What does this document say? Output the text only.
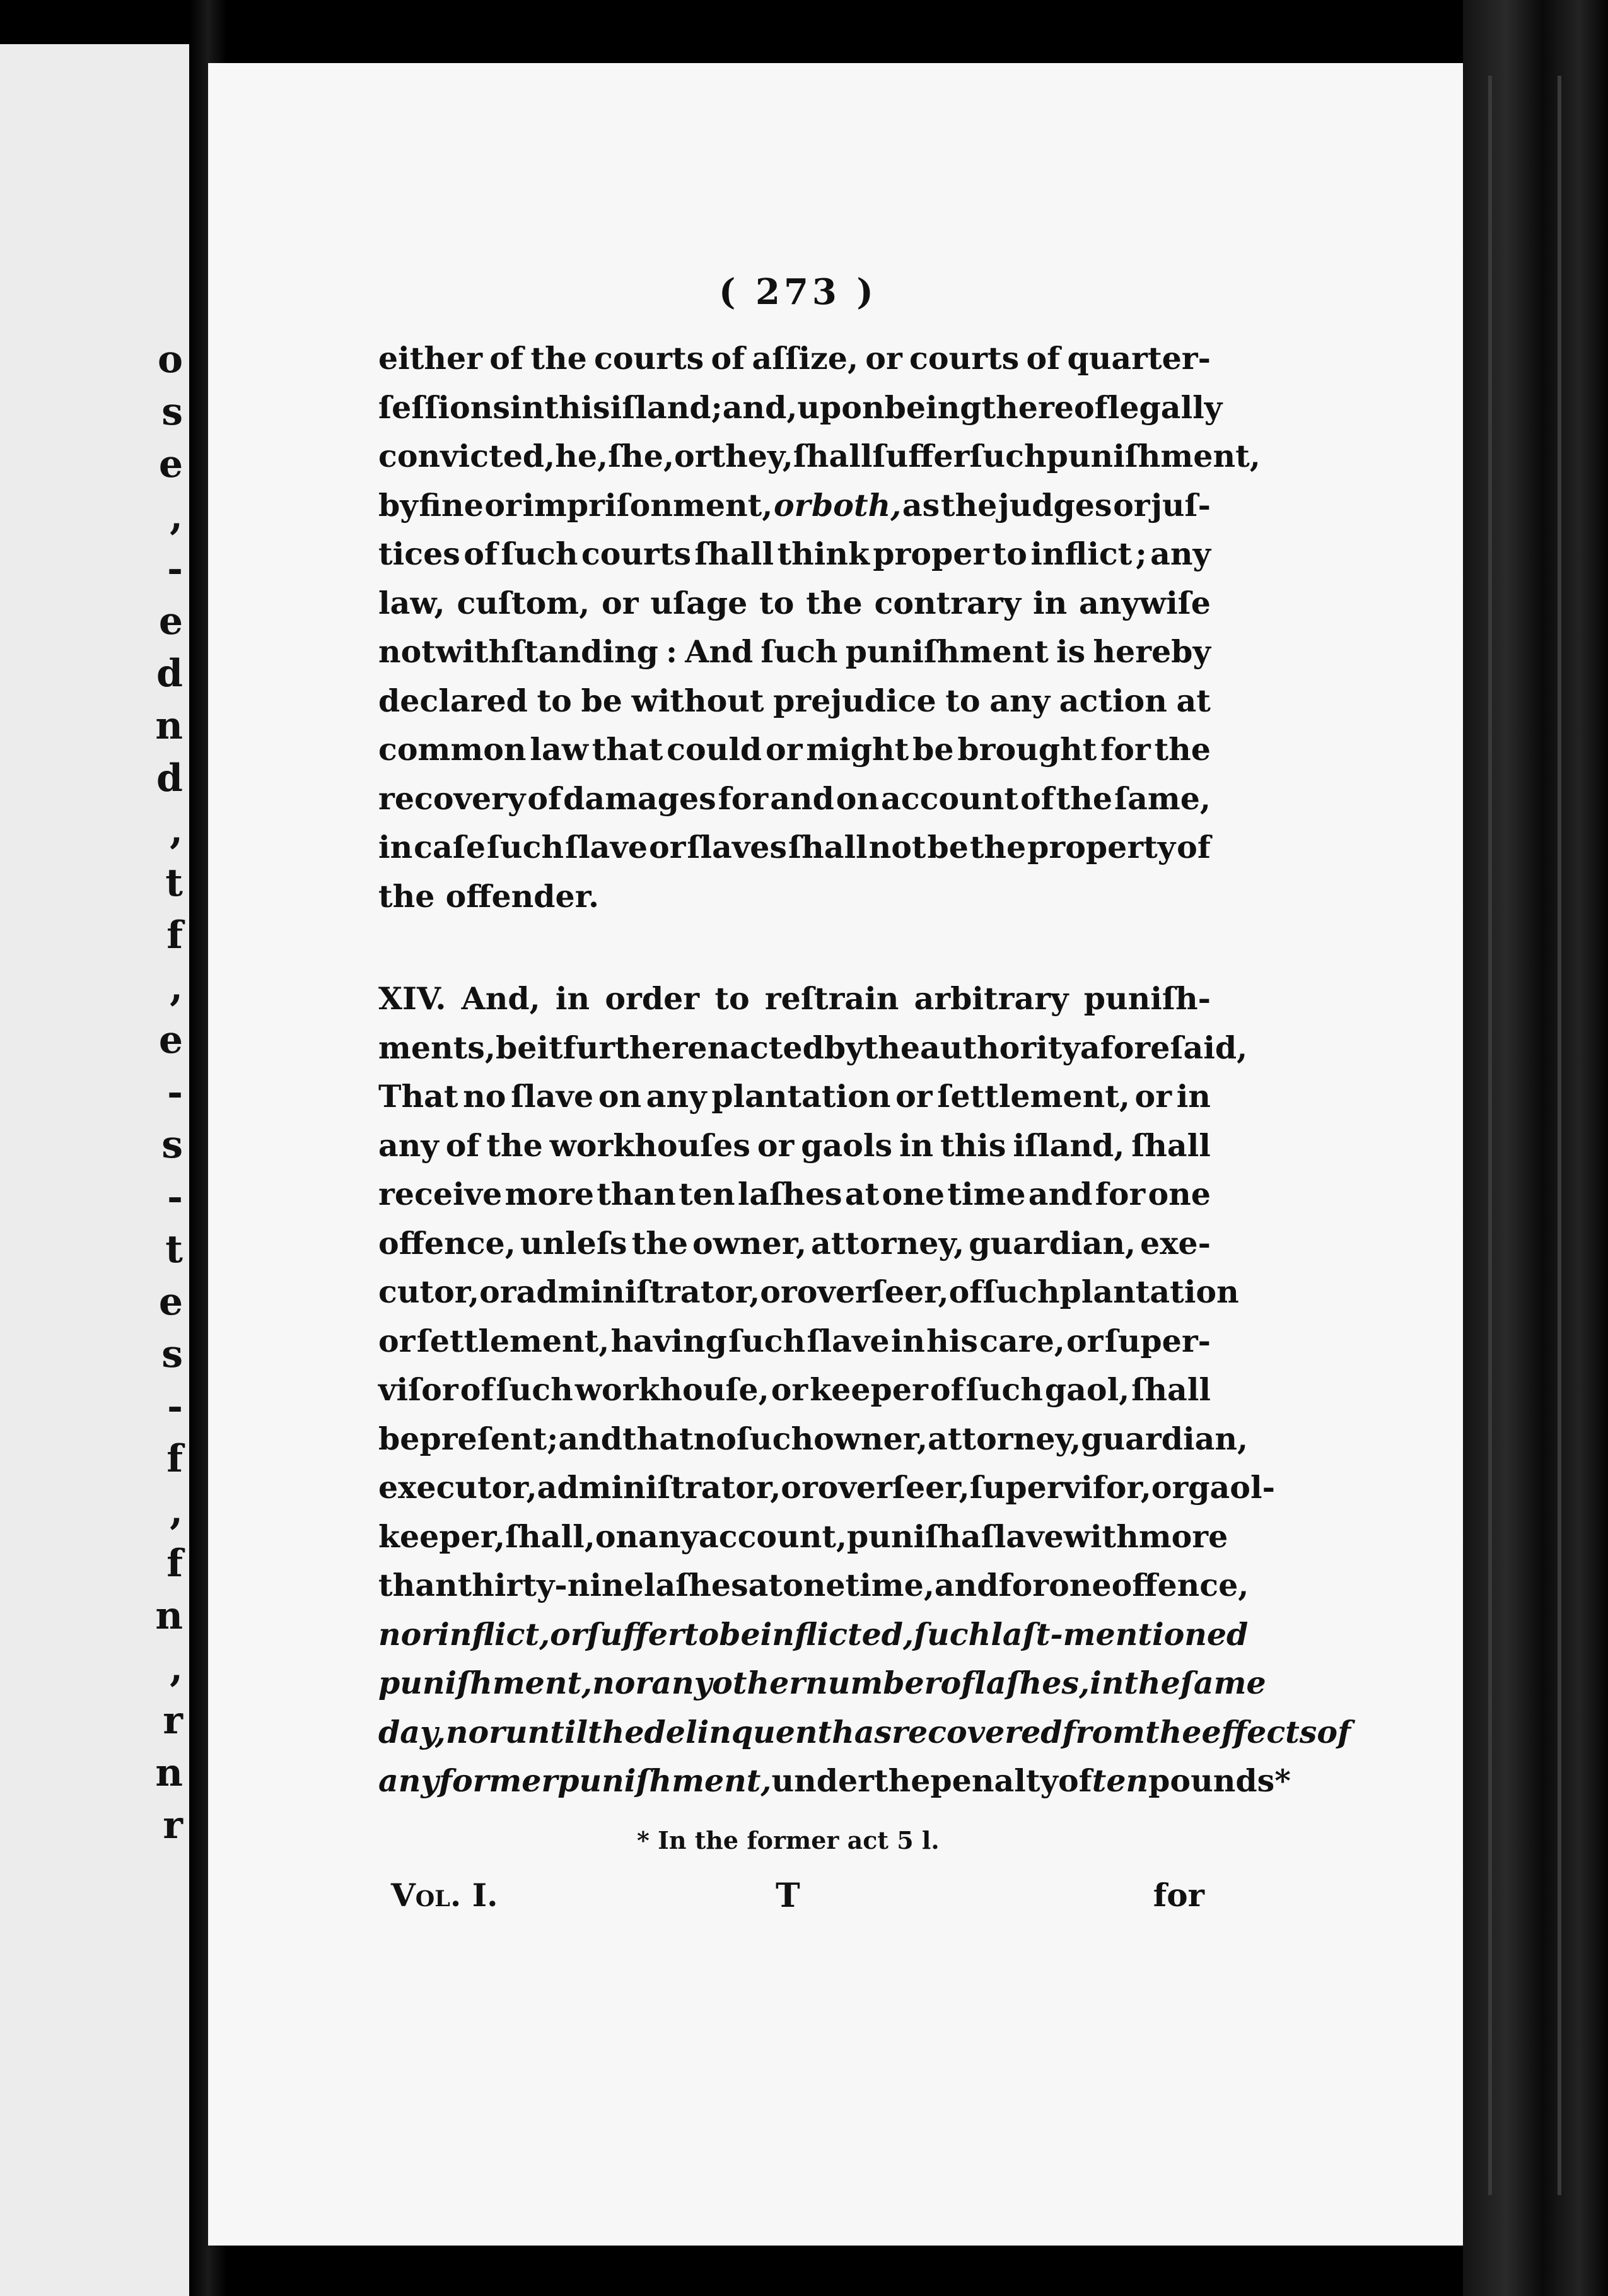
o
s
e
,
-
e
d
n
d
,
t
f
,
e
-
s
-
t
e
s
-
f
,
f
n
,
r
n
r
( 273 )
either of the courts of aſſize, or courts of quarter-
ſeſſions in this iſland ; and, upon being thereof legally
convicted, he, ſhe, or they, ſhall ſuffer ſuch puniſhment,
by fine or impriſonment, or both, as the judges or juſ-
tices of ſuch courts ſhall think proper to inflict ; any
law, cuſtom, or uſage to the contrary in anywiſe
notwithſtanding : And ſuch puniſhment is hereby
declared to be without prejudice to any action at
common law that could or might be brought for the
recovery of damages for and on account of the ſame,
in caſe ſuch ſlave or ſlaves ſhall not be the property of
the offender.
XIV. And, in order to reſtrain arbitrary puniſh-
ments, be it further enacted by the authority aforeſaid,
That no ſlave on any plantation or ſettlement, or in
any of the workhouſes or gaols in this iſland, ſhall
receive more than ten laſhes at one time and for one
offence, unleſs the owner, attorney, guardian, exe-
cutor, or adminiſtrator, or overſeer, of ſuch plantation
or ſettlement, having ſuch ſlave in his care, or ſuper-
viſor of ſuch workhouſe, or keeper of ſuch gaol, ſhall
be preſent ; and that no ſuch owner, attorney, guardian,
executor, adminiſtrator, or overſeer, ſupervifor, or gaol-
keeper, ſhall, on any account, puniſh a ſlave with more
than thirty-nine laſhes at one time, and for one offence,
nor inflict, or ſuffer to be inflicted, ſuch laſt-mentioned
puniſhment, nor any other number of laſhes, in the ſame
day, nor until the delinquent has recovered from the effects of
any former puniſhment, under the penalty of ten pounds *
* In the former act 5 l.
Vol. I.	T	for
